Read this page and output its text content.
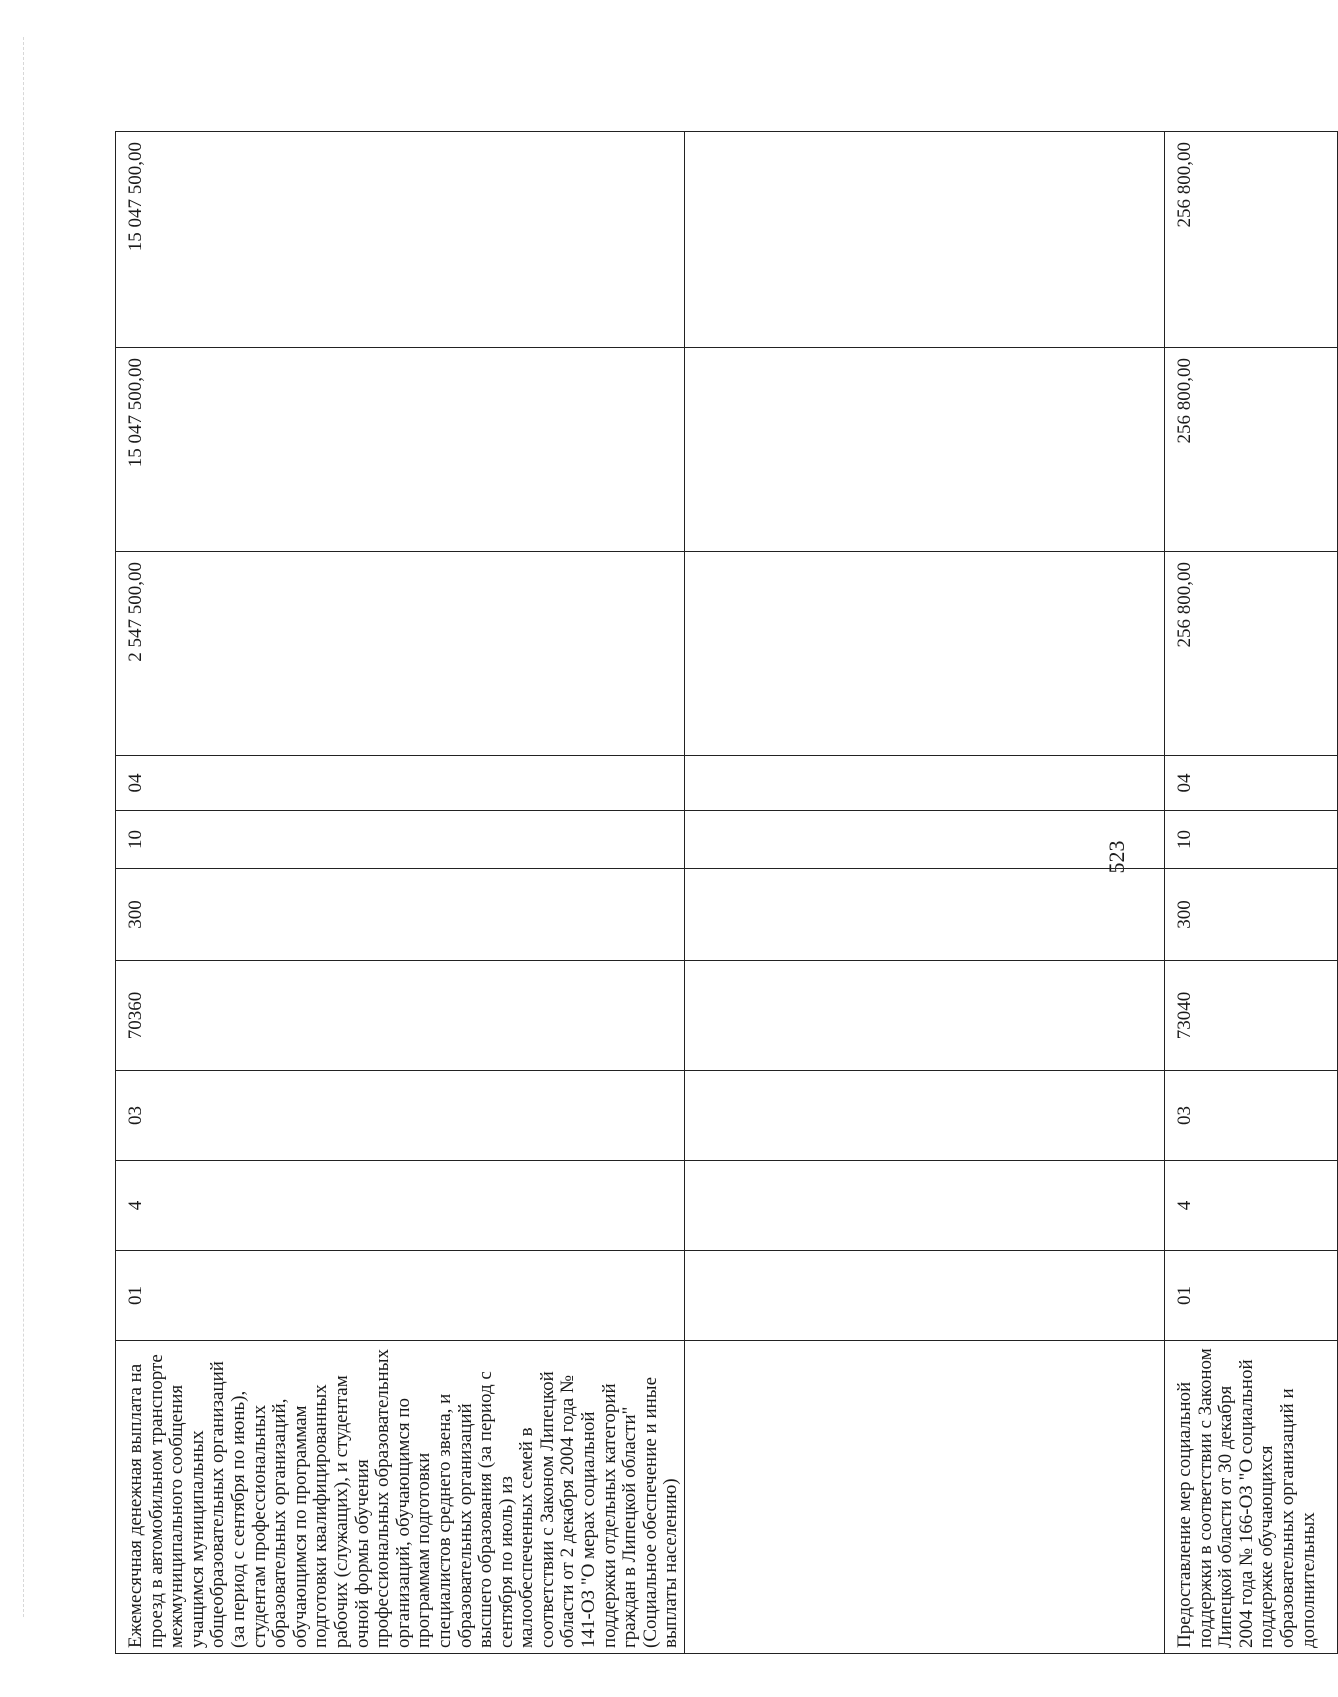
523
Ежемесячная денежная выплата на проезд в автомобильном транспорте межмуниципального сообщения учащимся муниципальных общеобразовательных организаций (за период с сентября по июнь), студентам профессиональных образовательных организаций, обучающимся по программам подготовки квалифицированных рабочих (служащих), и студентам очной формы обучения профессиональных образовательных организаций, обучающимся по программам подготовки специалистов среднего звена, и образовательных организаций высшего образования (за период с сентября по июль) из малообеспеченных семей в соответствии с Законом Липецкой области от 2 декабря 2004 года № 141-ОЗ "О мерах социальной поддержки отдельных категорий граждан в Липецкой области" (Социальное обеспечение и иные выплаты населению)	01	4	03	70360	300	10	04	2 547 500,00	15 047 500,00	15 047 500,00

Предоставление мер социальной поддержки в соответствии с Законом Липецкой области от 30 декабря 2004 года № 166-ОЗ "О социальной поддержке обучающихся образовательных организаций и дополнительных	01	4	03	73040	300	10	04	256 800,00	256 800,00	256 800,00
